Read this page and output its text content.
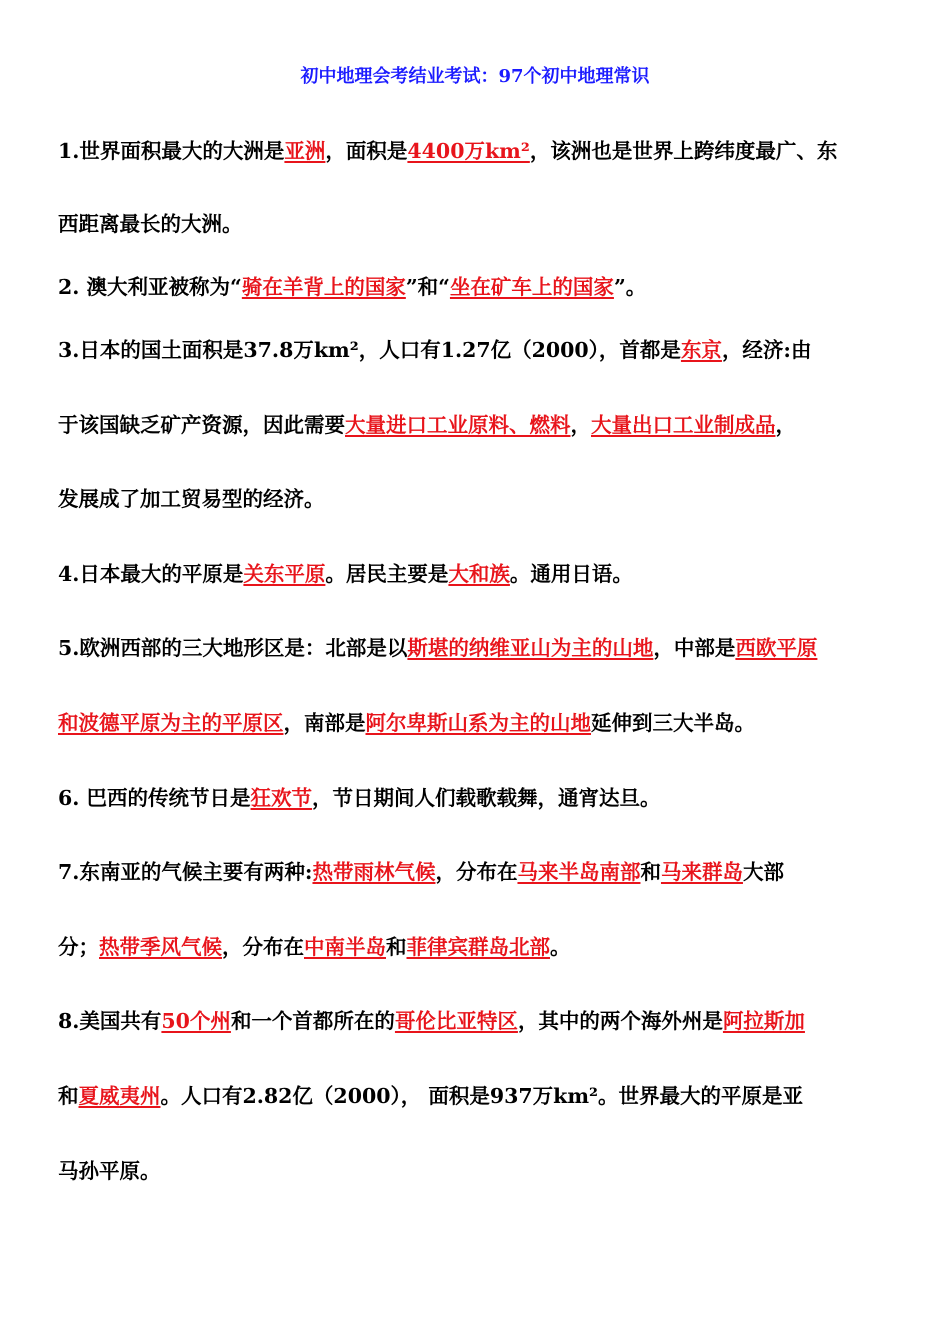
初中地理会考结业考试：97个初中地理常识
1.世界面积最大的大洲是亚洲，面积是4400万km²，该洲也是世界上跨纬度最广、东
西距离最长的大洲。
2. 澳大利亚被称为“骑在羊背上的国家”和“坐在矿车上的国家”。
3.日本的国土面积是37.8万km²，人口有1.27亿（2000），首都是东京，经济:由
于该国缺乏矿产资源，因此需要大量进口工业原料、燃料，大量出口工业制成品，
发展成了加工贸易型的经济。
4.日本最大的平原是关东平原。居民主要是大和族。通用日语。
5.欧洲西部的三大地形区是：北部是以斯堪的纳维亚山为主的山地，中部是西欧平原
和波德平原为主的平原区，南部是阿尔卑斯山系为主的山地延伸到三大半岛。
6. 巴西的传统节日是狂欢节，节日期间人们载歌载舞，通宵达旦。
7.东南亚的气候主要有两种:热带雨林气候，分布在马来半岛南部和马来群岛大部
分；热带季风气候，分布在中南半岛和菲律宾群岛北部。
8.美国共有50个州和一个首都所在的哥伦比亚特区，其中的两个海外州是阿拉斯加
和夏威夷州。人口有2.82亿（2000）， 面积是937万km²。世界最大的平原是亚
马孙平原。
